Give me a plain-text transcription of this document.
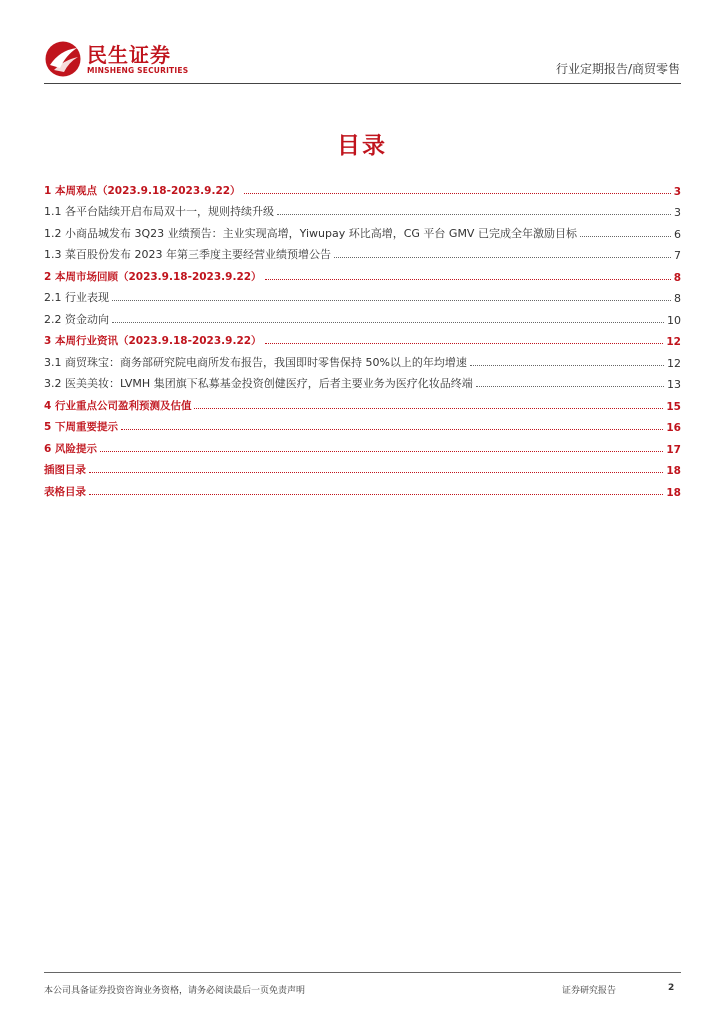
民生证券
MINSHENG SECURITIES	行业定期报告/商贸零售
目录
1 本周观点（2023.9.18-2023.9.22）	3
1.1 各平台陆续开启布局双十一，规则持续升级	3
1.2 小商品城发布 3Q23 业绩预告：主业实现高增，Yiwupay 环比高增，CG 平台 GMV 已完成全年激励目标	6
1.3 菜百股份发布 2023 年第三季度主要经营业绩预增公告	7
2 本周市场回顾（2023.9.18-2023.9.22）	8
2.1 行业表现	8
2.2 资金动向	10
3 本周行业资讯（2023.9.18-2023.9.22）	12
3.1 商贸珠宝：商务部研究院电商所发布报告，我国即时零售保持 50%以上的年均增速	12
3.2 医美美妆：LVMH 集团旗下私募基金投资创健医疗，后者主要业务为医疗化妆品终端	13
4 行业重点公司盈利预测及估值	15
5 下周重要提示	16
6 风险提示	17
插图目录	18
表格目录	18
本公司具备证券投资咨询业务资格，请务必阅读最后一页免责声明	证券研究报告	2
